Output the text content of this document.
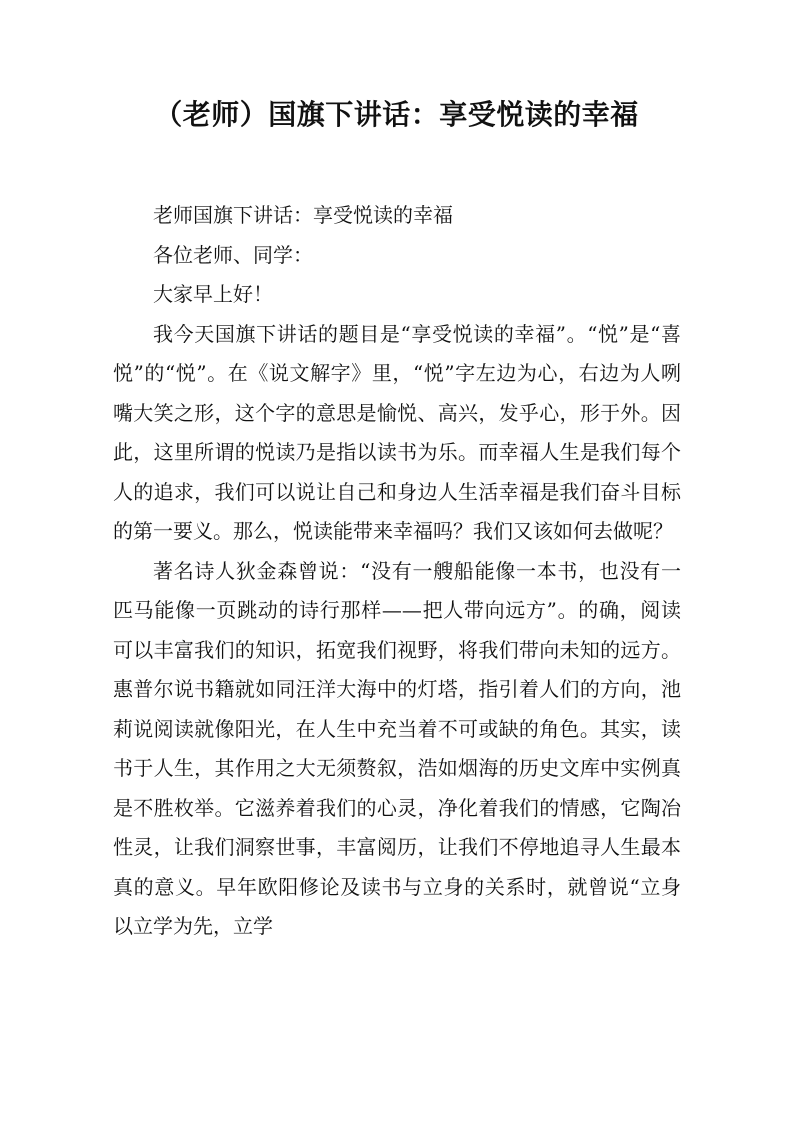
（老师）国旗下讲话：享受悦读的幸福

老师国旗下讲话：享受悦读的幸福

各位老师、同学：

大家早上好！

我今天国旗下讲话的题目是“享受悦读的幸福”。“悦”是“喜悦”的“悦”。在《说文解字》里，“悦”字左边为心，右边为人咧嘴大笑之形，这个字的意思是愉悦、高兴，发乎心，形于外。因此，这里所谓的悦读乃是指以读书为乐。而幸福人生是我们每个人的追求，我们可以说让自己和身边人生活幸福是我们奋斗目标的第一要义。那么，悦读能带来幸福吗？我们又该如何去做呢？

著名诗人狄金森曾说：“没有一艘船能像一本书，也没有一匹马能像一页跳动的诗行那样——把人带向远方”。的确，阅读可以丰富我们的知识，拓宽我们视野，将我们带向未知的远方。惠普尔说书籍就如同汪洋大海中的灯塔，指引着人们的方向，池莉说阅读就像阳光，在人生中充当着不可或缺的角色。其实，读书于人生，其作用之大无须赘叙，浩如烟海的历史文库中实例真是不胜枚举。它滋养着我们的心灵，净化着我们的情感，它陶冶性灵，让我们洞察世事，丰富阅历，让我们不停地追寻人生最本真的意义。早年欧阳修论及读书与立身的关系时，就曾说“立身以立学为先，立学
